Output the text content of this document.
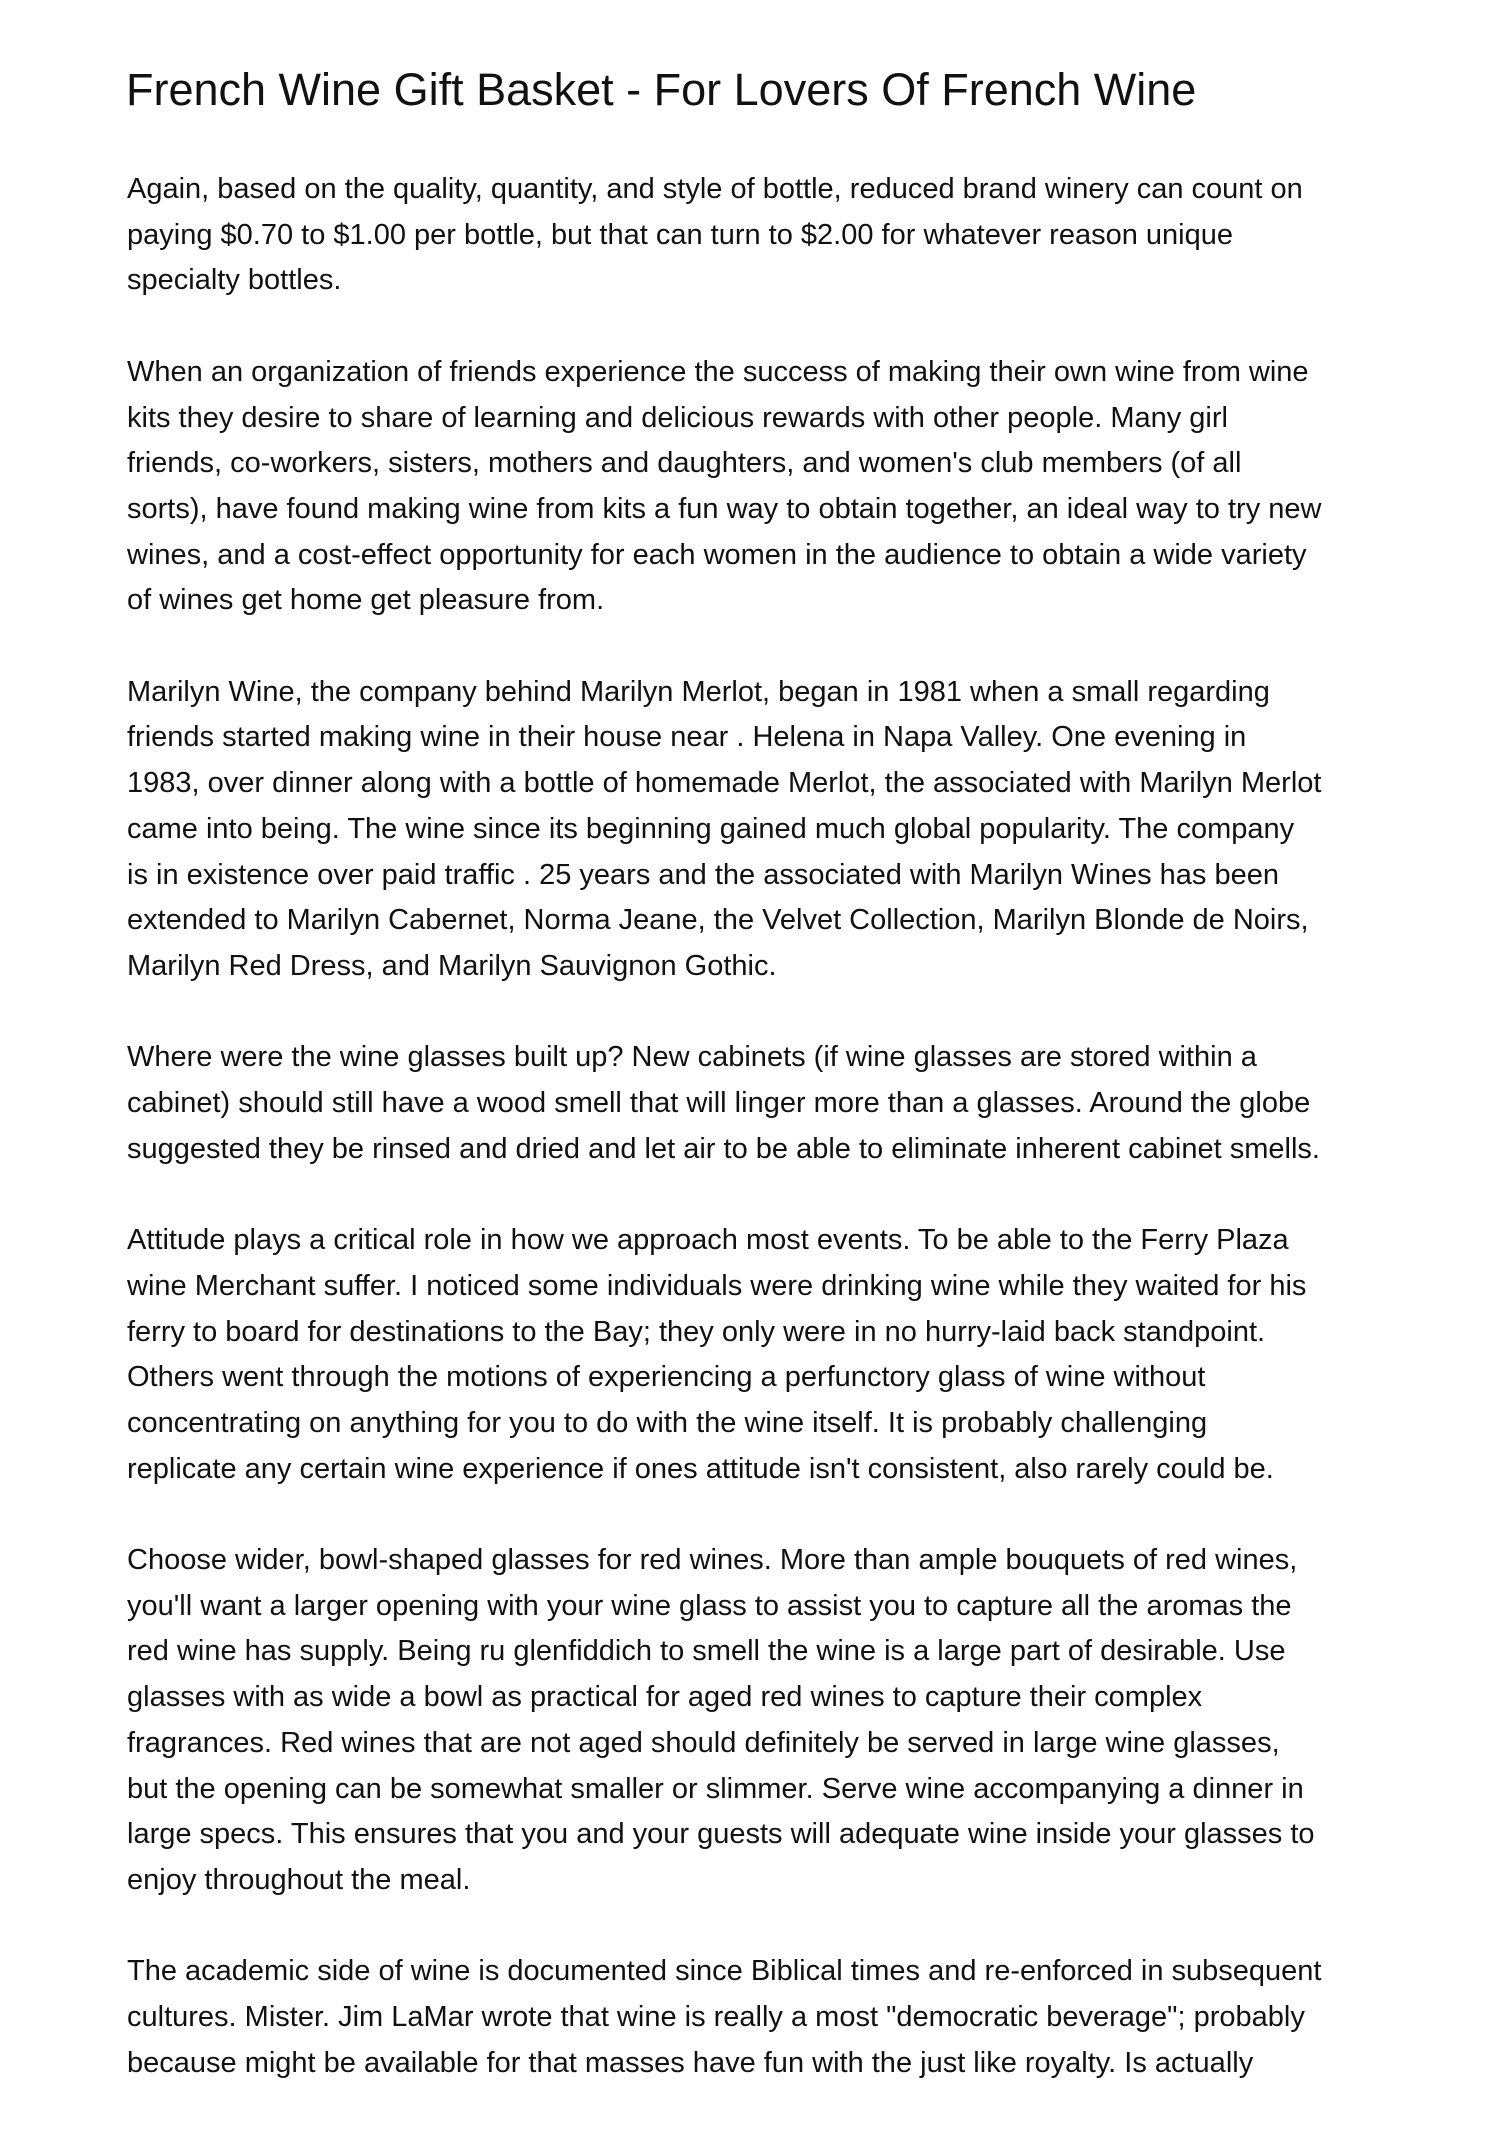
French Wine Gift Basket - For Lovers Of French Wine

Again, based on the quality, quantity, and style of bottle, reduced brand winery can count on
paying $0.70 to $1.00 per bottle, but that can turn to $2.00 for whatever reason unique
specialty bottles.

When an organization of friends experience the success of making their own wine from wine
kits they desire to share of learning and delicious rewards with other people. Many girl
friends, co-workers, sisters, mothers and daughters, and women's club members (of all
sorts), have found making wine from kits a fun way to obtain together, an ideal way to try new
wines, and a cost-effect opportunity for each women in the audience to obtain a wide variety
of wines get home get pleasure from.

Marilyn Wine, the company behind Marilyn Merlot, began in 1981 when a small regarding
friends started making wine in their house near . Helena in Napa Valley. One evening in
1983, over dinner along with a bottle of homemade Merlot, the associated with Marilyn Merlot
came into being. The wine since its beginning gained much global popularity. The company
is in existence over paid traffic . 25 years and the associated with Marilyn Wines has been
extended to Marilyn Cabernet, Norma Jeane, the Velvet Collection, Marilyn Blonde de Noirs,
Marilyn Red Dress, and Marilyn Sauvignon Gothic.

Where were the wine glasses built up? New cabinets (if wine glasses are stored within a
cabinet) should still have a wood smell that will linger more than a glasses. Around the globe
suggested they be rinsed and dried and let air to be able to eliminate inherent cabinet smells.

Attitude plays a critical role in how we approach most events. To be able to the Ferry Plaza
wine Merchant suffer. I noticed some individuals were drinking wine while they waited for his
ferry to board for destinations to the Bay; they only were in no hurry-laid back standpoint.
Others went through the motions of experiencing a perfunctory glass of wine without
concentrating on anything for you to do with the wine itself. It is probably challenging
replicate any certain wine experience if ones attitude isn't consistent, also rarely could be.

Choose wider, bowl-shaped glasses for red wines. More than ample bouquets of red wines,
you'll want a larger opening with your wine glass to assist you to capture all the aromas the
red wine has supply. Being ru glenfiddich to smell the wine is a large part of desirable. Use
glasses with as wide a bowl as practical for aged red wines to capture their complex
fragrances. Red wines that are not aged should definitely be served in large wine glasses,
but the opening can be somewhat smaller or slimmer. Serve wine accompanying a dinner in
large specs. This ensures that you and your guests will adequate wine inside your glasses to
enjoy throughout the meal.

The academic side of wine is documented since Biblical times and re-enforced in subsequent
cultures. Mister. Jim LaMar wrote that wine is really a most "democratic beverage"; probably
because might be available for that masses have fun with the just like royalty. Is actually
